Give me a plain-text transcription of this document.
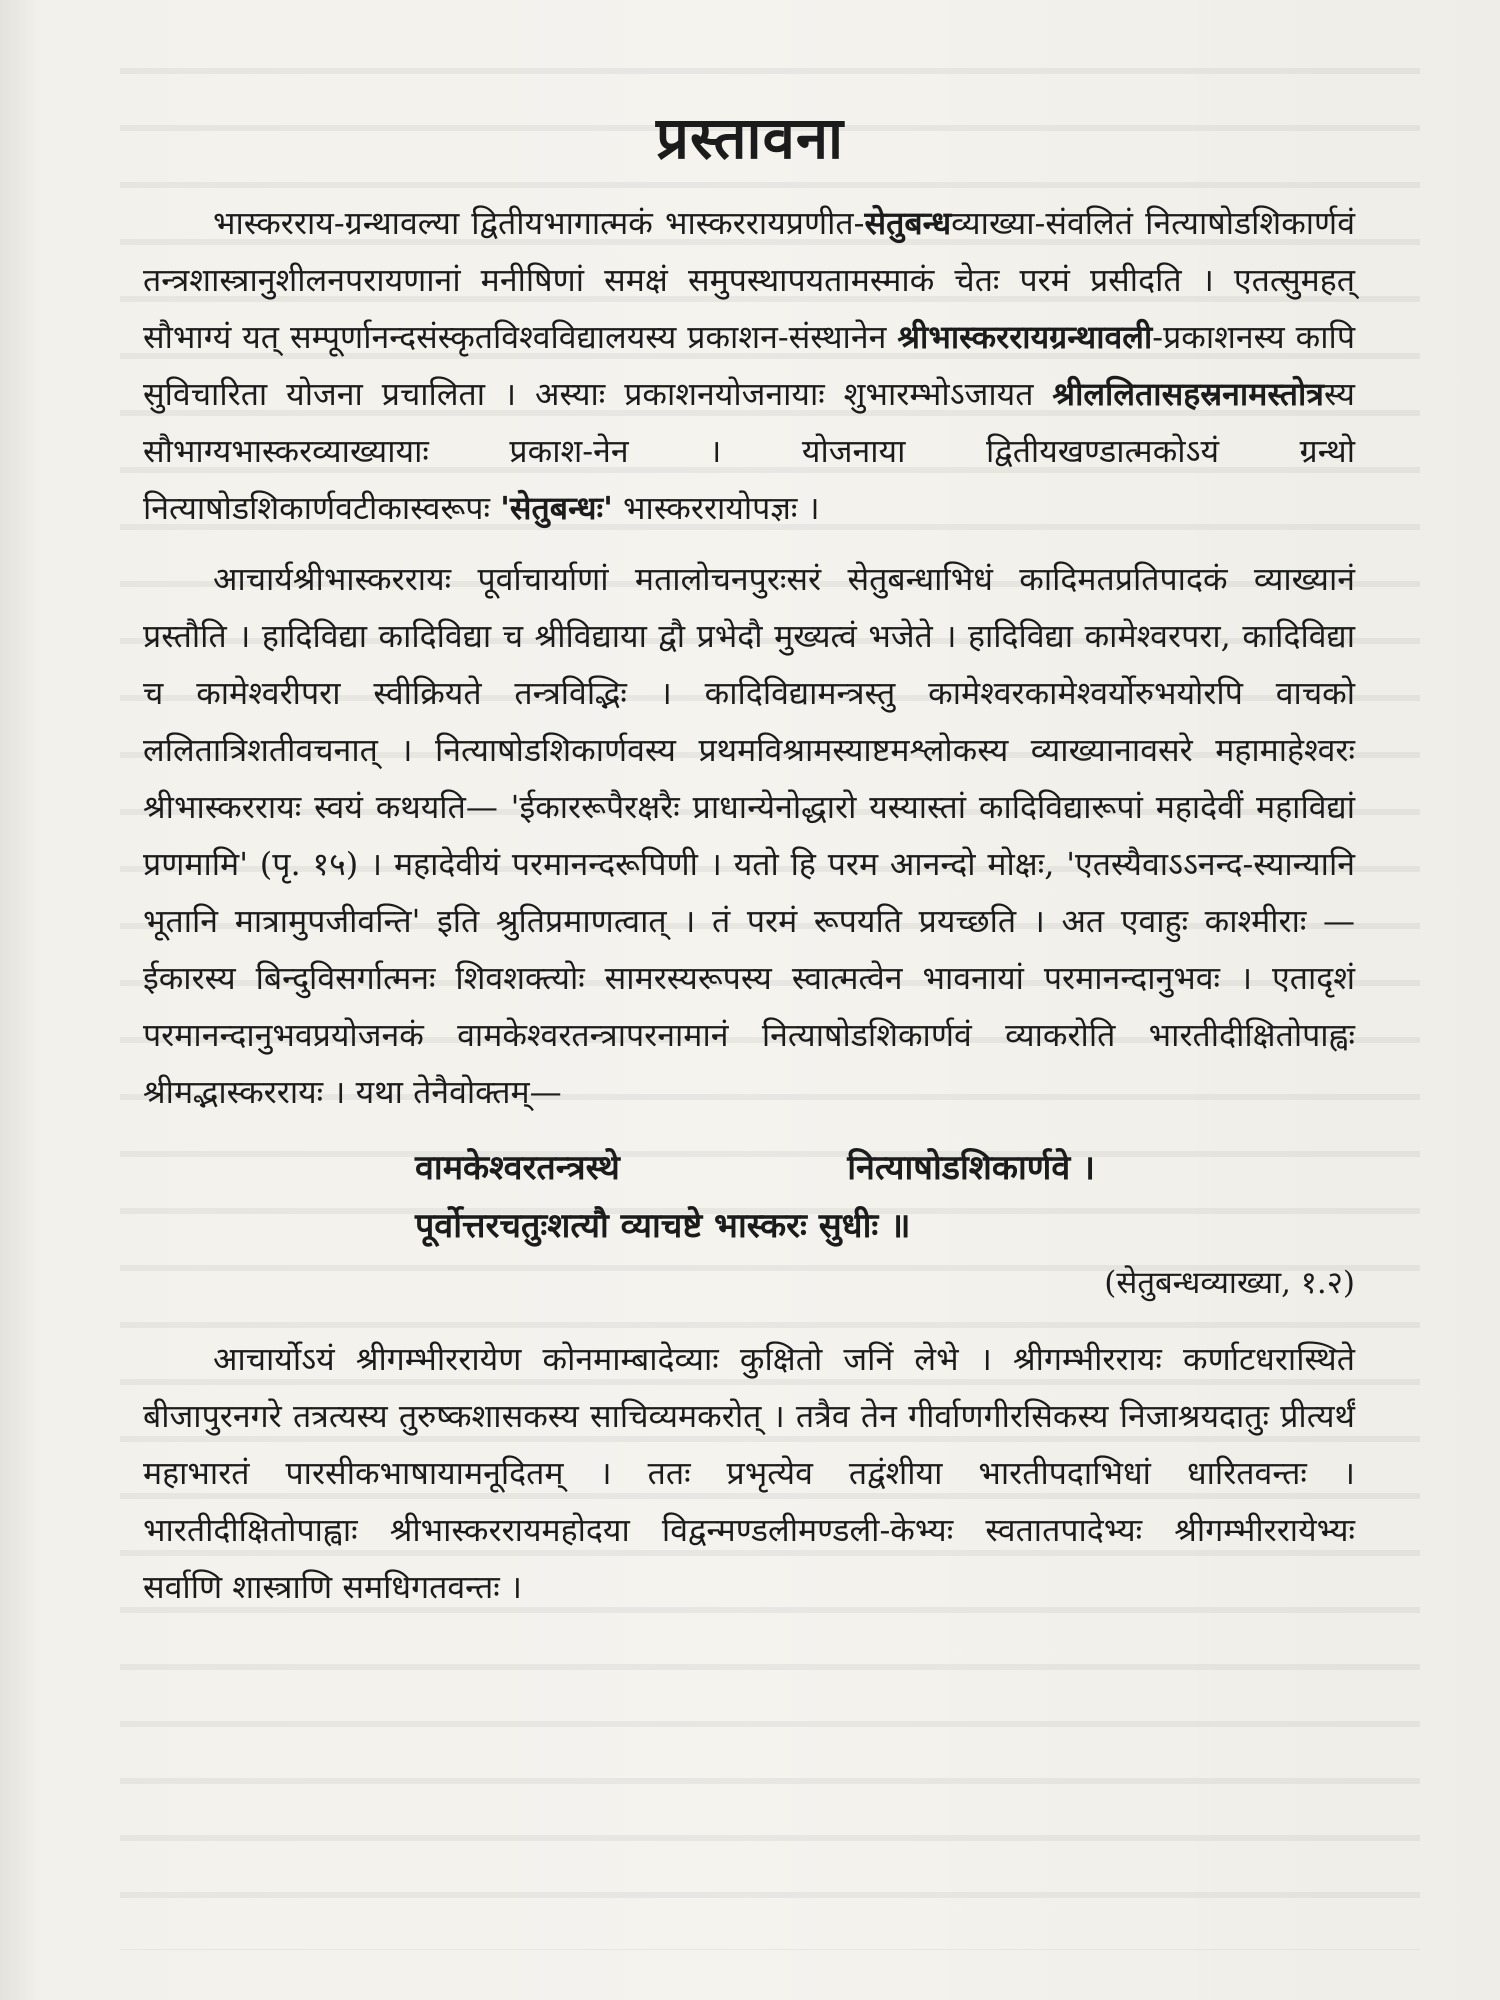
प्रस्तावना

भास्करराय-ग्रन्थावल्या द्वितीयभागात्मकं भास्कररायप्रणीत-सेतुबन्धव्याख्या-संवलितं नित्याषोडशिकार्णवं तन्त्रशास्त्रानुशीलनपरायणानां मनीषिणां समक्षं समुपस्थापयतामस्माकं चेतः परमं प्रसीदति । एतत्सुमहत् सौभाग्यं यत् सम्पूर्णानन्दसंस्कृतविश्वविद्यालयस्य प्रकाशन-संस्थानेन श्रीभास्कररायग्रन्थावली-प्रकाशनस्य कापि सुविचारिता योजना प्रचालिता । अस्याः प्रकाशनयोजनायाः शुभारम्भोऽजायत श्रीललितासहस्रनामस्तोत्रस्य सौभाग्यभास्करव्याख्यायाः प्रकाश-नेन । योजनाया द्वितीयखण्डात्मकोऽयं ग्रन्थो नित्याषोडशिकार्णवटीकास्वरूपः 'सेतुबन्धः' भास्कररायोपज्ञः ।

आचार्यश्रीभास्कररायः पूर्वाचार्याणां मतालोचनपुरःसरं सेतुबन्धाभिधं कादिमतप्रतिपादकं व्याख्यानं प्रस्तौति । हादिविद्या कादिविद्या च श्रीविद्याया द्वौ प्रभेदौ मुख्यत्वं भजेते । हादिविद्या कामेश्वरपरा, कादिविद्या च कामेश्वरीपरा स्वीक्रियते तन्त्रविद्भिः । कादिविद्यामन्त्रस्तु कामेश्वरकामेश्वर्योरुभयोरपि वाचको ललितात्रिशतीवचनात् । नित्याषोडशिकार्णवस्य प्रथमविश्रामस्याष्टमश्लोकस्य व्याख्यानावसरे महामाहेश्वरः श्रीभास्कररायः स्वयं कथयति— 'ईकाररूपैरक्षरैः प्राधान्येनोद्धारो यस्यास्तां कादिविद्यारूपां महादेवीं महाविद्यां प्रणमामि' (पृ. १५) । महादेवीयं परमानन्दरूपिणी । यतो हि परम आनन्दो मोक्षः, 'एतस्यैवाऽऽनन्द-स्यान्यानि भूतानि मात्रामुपजीवन्ति' इति श्रुतिप्रमाणत्वात् । तं परमं रूपयति प्रयच्छति । अत एवाहुः काश्मीराः — ईकारस्य बिन्दुविसर्गात्मनः शिवशक्त्योः सामरस्यरूपस्य स्वात्मत्वेन भावनायां परमानन्दानुभवः । एतादृशं परमानन्दानुभवप्रयोजनकं वामकेश्वरतन्त्रापरनामानं नित्याषोडशिकार्णवं व्याकरोति भारतीदीक्षितोपाह्वः श्रीमद्भास्कररायः । यथा तेनैवोक्तम्—

वामकेश्वरतन्त्रस्थे	नित्याषोडशिकार्णवे ।
पूर्वोत्तरचतुःशत्यौ व्याचष्टे भास्करः सुधीः ॥
(सेतुबन्धव्याख्या, १.२)

आचार्योऽयं श्रीगम्भीररायेण कोनमाम्बादेव्याः कुक्षितो जनिं लेभे । श्रीगम्भीररायः कर्णाटधरास्थिते बीजापुरनगरे तत्रत्यस्य तुरुष्कशासकस्य साचिव्यमकरोत् । तत्रैव तेन गीर्वाणगीरसिकस्य निजाश्रयदातुः प्रीत्यर्थं महाभारतं पारसीकभाषायामनूदितम् । ततः प्रभृत्येव तद्वंशीया भारतीपदाभिधां धारितवन्तः । भारतीदीक्षितोपाह्वाः श्रीभास्कररायमहोदया विद्वन्मण्डलीमण्डली-केभ्यः स्वतातपादेभ्यः श्रीगम्भीररायेभ्यः सर्वाणि शास्त्राणि समधिगतवन्तः ।
